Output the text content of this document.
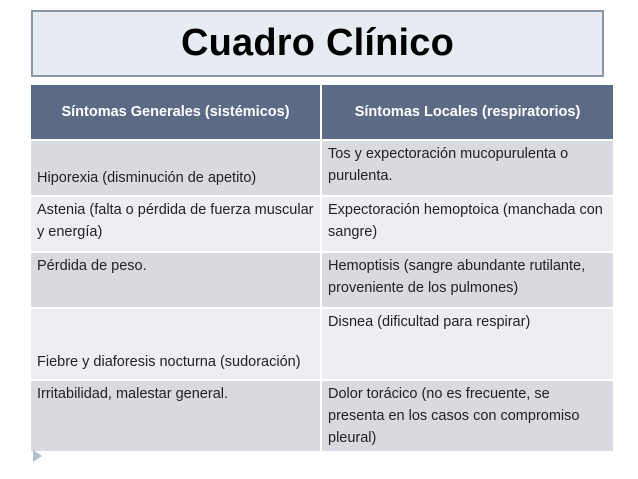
Cuadro Clínico
Síntomas Generales (sistémicos)	Síntomas Locales (respiratorios)
Hiporexia (disminución de apetito)	Tos y expectoración mucopurulenta o purulenta.
Astenia (falta o pérdida de fuerza muscular y energía)	Expectoración hemoptoica (manchada con sangre)
Pérdida de peso.	Hemoptisis (sangre abundante rutilante, proveniente de los pulmones)
Fiebre y diaforesis nocturna (sudoración)	Disnea (dificultad para respirar)
Irritabilidad, malestar general.	Dolor torácico (no es frecuente, se presenta en los casos con compromiso pleural)
